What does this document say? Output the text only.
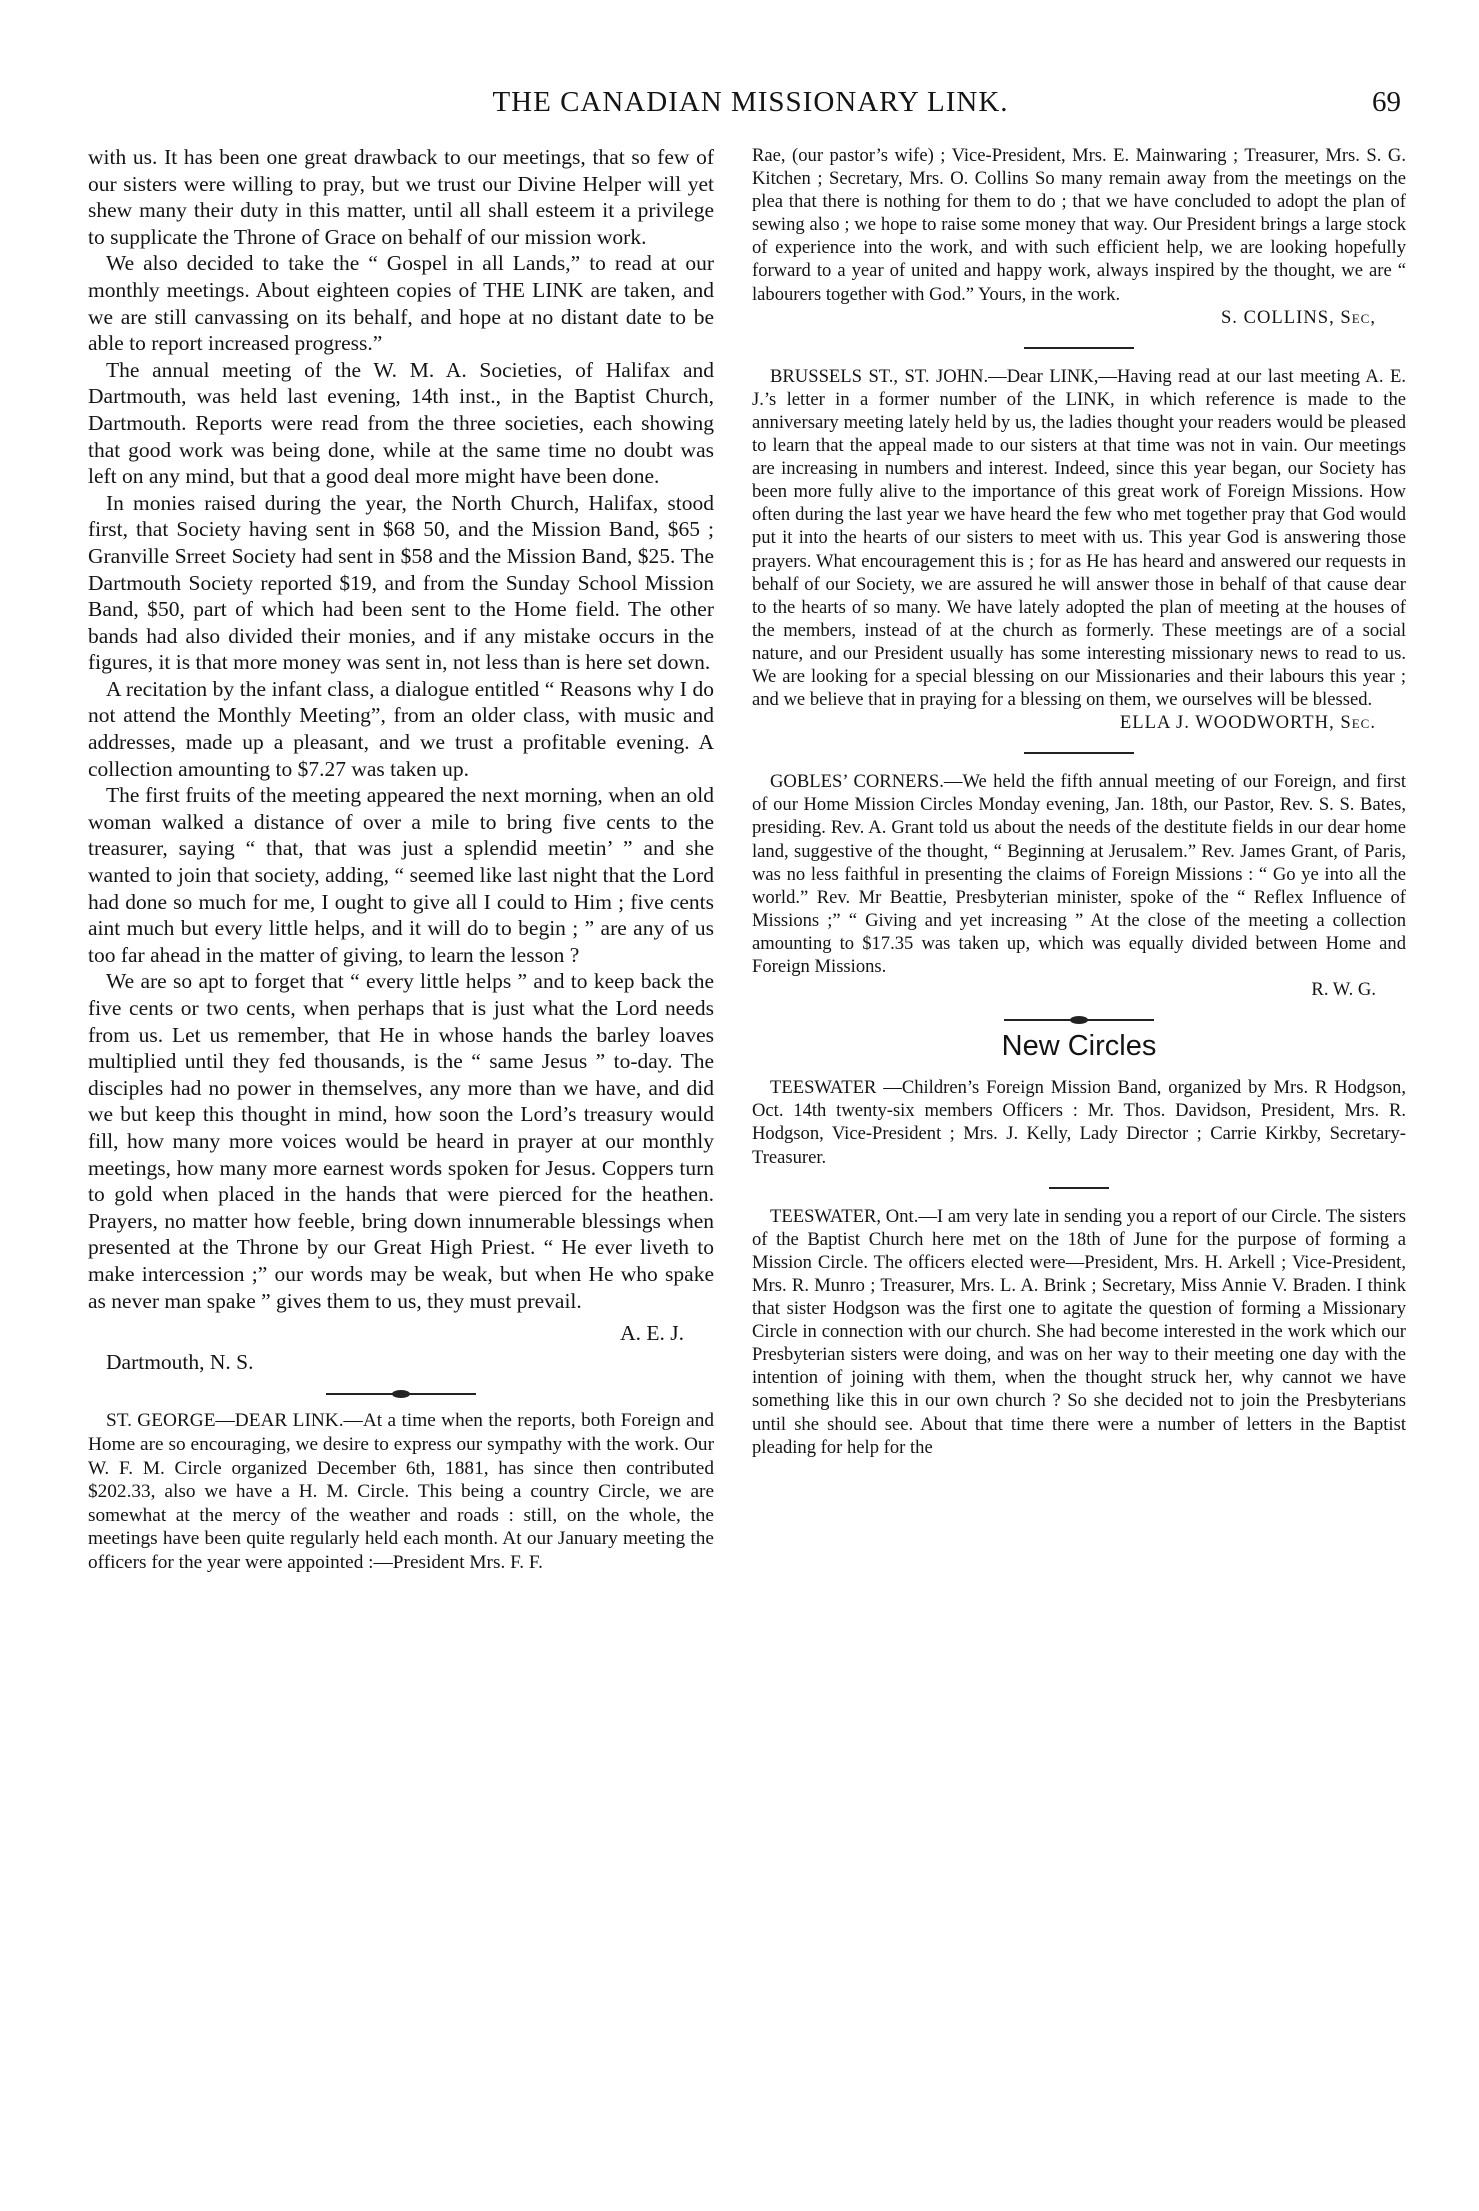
THE CANADIAN MISSIONARY LINK.	69

with us. It has been one great drawback to our meetings, that so few of our sisters were willing to pray, but we trust our Divine Helper will yet shew many their duty in this matter, until all shall esteem it a privilege to supplicate the Throne of Grace on behalf of our mission work.

We also decided to take the “ Gospel in all Lands,” to read at our monthly meetings. About eighteen copies of THE LINK are taken, and we are still canvassing on its behalf, and hope at no distant date to be able to report increased progress.”

The annual meeting of the W. M. A. Societies, of Halifax and Dartmouth, was held last evening, 14th inst., in the Baptist Church, Dartmouth. Reports were read from the three societies, each showing that good work was being done, while at the same time no doubt was left on any mind, but that a good deal more might have been done.

In monies raised during the year, the North Church, Halifax, stood first, that Society having sent in $68 50, and the Mission Band, $65 ; Granville Srreet Society had sent in $58 and the Mission Band, $25. The Dartmouth Society reported $19, and from the Sunday School Mission Band, $50, part of which had been sent to the Home field. The other bands had also divided their monies, and if any mistake occurs in the figures, it is that more money was sent in, not less than is here set down.

A recitation by the infant class, a dialogue entitled “ Reasons why I do not attend the Monthly Meeting”, from an older class, with music and addresses, made up a pleasant, and we trust a profitable evening. A collection amounting to $7.27 was taken up.

The first fruits of the meeting appeared the next morning, when an old woman walked a distance of over a mile to bring five cents to the treasurer, saying “ that, that was just a splendid meetin’ ” and she wanted to join that society, adding, “ seemed like last night that the Lord had done so much for me, I ought to give all I could to Him ; five cents aint much but every little helps, and it will do to begin ; ” are any of us too far ahead in the matter of giving, to learn the lesson ?

We are so apt to forget that “ every little helps ” and to keep back the five cents or two cents, when perhaps that is just what the Lord needs from us. Let us remember, that He in whose hands the barley loaves multiplied until they fed thousands, is the “ same Jesus ” to-day. The disciples had no power in themselves, any more than we have, and did we but keep this thought in mind, how soon the Lord’s treasury would fill, how many more voices would be heard in prayer at our monthly meetings, how many more earnest words spoken for Jesus. Coppers turn to gold when placed in the hands that were pierced for the heathen. Prayers, no matter how feeble, bring down innumerable blessings when presented at the Throne by our Great High Priest. “ He ever liveth to make intercession ;” our words may be weak, but when He who spake as never man spake ” gives them to us, they must prevail.

A. E. J.

Dartmouth, N. S.

ST. GEORGE—DEAR LINK.—At a time when the reports, both Foreign and Home are so encouraging, we desire to express our sympathy with the work. Our W. F. M. Circle organized December 6th, 1881, has since then contributed $202.33, also we have a H. M. Circle. This being a country Circle, we are somewhat at the mercy of the weather and roads : still, on the whole, the meetings have been quite regularly held each month. At our January meeting the officers for the year were appointed :—President Mrs. F. F.

Rae, (our pastor’s wife) ; Vice-President, Mrs. E. Mainwaring ; Treasurer, Mrs. S. G. Kitchen ; Secretary, Mrs. O. Collins So many remain away from the meetings on the plea that there is nothing for them to do ; that we have concluded to adopt the plan of sewing also ; we hope to raise some money that way. Our President brings a large stock of experience into the work, and with such efficient help, we are looking hopefully forward to a year of united and happy work, always inspired by the thought, we are “ labourers together with God.” Yours, in the work.

S. COLLINS, Sec,

BRUSSELS ST., ST. JOHN.—Dear LINK,—Having read at our last meeting A. E. J.’s letter in a former number of the LINK, in which reference is made to the anniversary meeting lately held by us, the ladies thought your readers would be pleased to learn that the appeal made to our sisters at that time was not in vain. Our meetings are increasing in numbers and interest. Indeed, since this year began, our Society has been more fully alive to the importance of this great work of Foreign Missions. How often during the last year we have heard the few who met together pray that God would put it into the hearts of our sisters to meet with us. This year God is answering those prayers. What encouragement this is ; for as He has heard and answered our requests in behalf of our Society, we are assured he will answer those in behalf of that cause dear to the hearts of so many. We have lately adopted the plan of meeting at the houses of the members, instead of at the church as formerly. These meetings are of a social nature, and our President usually has some interesting missionary news to read to us. We are looking for a special blessing on our Missionaries and their labours this year ; and we believe that in praying for a blessing on them, we ourselves will be blessed.

ELLA J. WOODWORTH, Sec.

GOBLES’ CORNERS.—We held the fifth annual meeting of our Foreign, and first of our Home Mission Circles Monday evening, Jan. 18th, our Pastor, Rev. S. S. Bates, presiding. Rev. A. Grant told us about the needs of the destitute fields in our dear home land, suggestive of the thought, “ Beginning at Jerusalem.” Rev. James Grant, of Paris, was no less faithful in presenting the claims of Foreign Missions : “ Go ye into all the world.” Rev. Mr Beattie, Presbyterian minister, spoke of the “ Reflex Influence of Missions ;” “ Giving and yet increasing ” At the close of the meeting a collection amounting to $17.35 was taken up, which was equally divided between Home and Foreign Missions.

R. W. G.
New Circles

TEESWATER —Children’s Foreign Mission Band, organized by Mrs. R Hodgson, Oct. 14th twenty-six members Officers : Mr. Thos. Davidson, President, Mrs. R. Hodgson, Vice-President ; Mrs. J. Kelly, Lady Director ; Carrie Kirkby, Secretary-Treasurer.

TEESWATER, Ont.—I am very late in sending you a report of our Circle. The sisters of the Baptist Church here met on the 18th of June for the purpose of forming a Mission Circle. The officers elected were—President, Mrs. H. Arkell ; Vice-President, Mrs. R. Munro ; Treasurer, Mrs. L. A. Brink ; Secretary, Miss Annie V. Braden. I think that sister Hodgson was the first one to agitate the question of forming a Missionary Circle in connection with our church. She had become interested in the work which our Presbyterian sisters were doing, and was on her way to their meeting one day with the intention of joining with them, when the thought struck her, why cannot we have something like this in our own church ? So she decided not to join the Presbyterians until she should see. About that time there were a number of letters in the Baptist pleading for help for the
